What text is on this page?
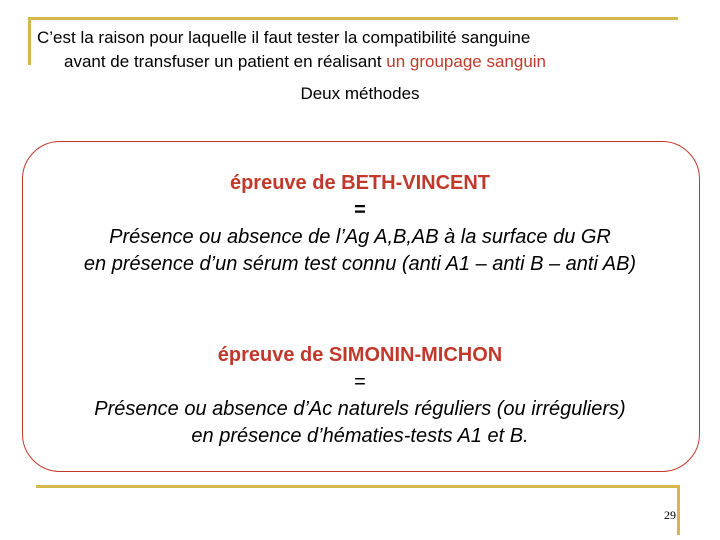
C’est la raison pour laquelle il faut tester la compatibilité sanguine
avant de transfuser un patient en réalisant un groupage sanguin
Deux méthodes
épreuve de BETH-VINCENT
=
Présence ou absence de l’Ag A,B,AB à la surface du GR
en présence d’un sérum test connu (anti A1 – anti B – anti AB)
épreuve de SIMONIN-MICHON
=
Présence ou absence d’Ac naturels réguliers (ou irréguliers)
en présence d’hématies-tests A1 et B.
29
